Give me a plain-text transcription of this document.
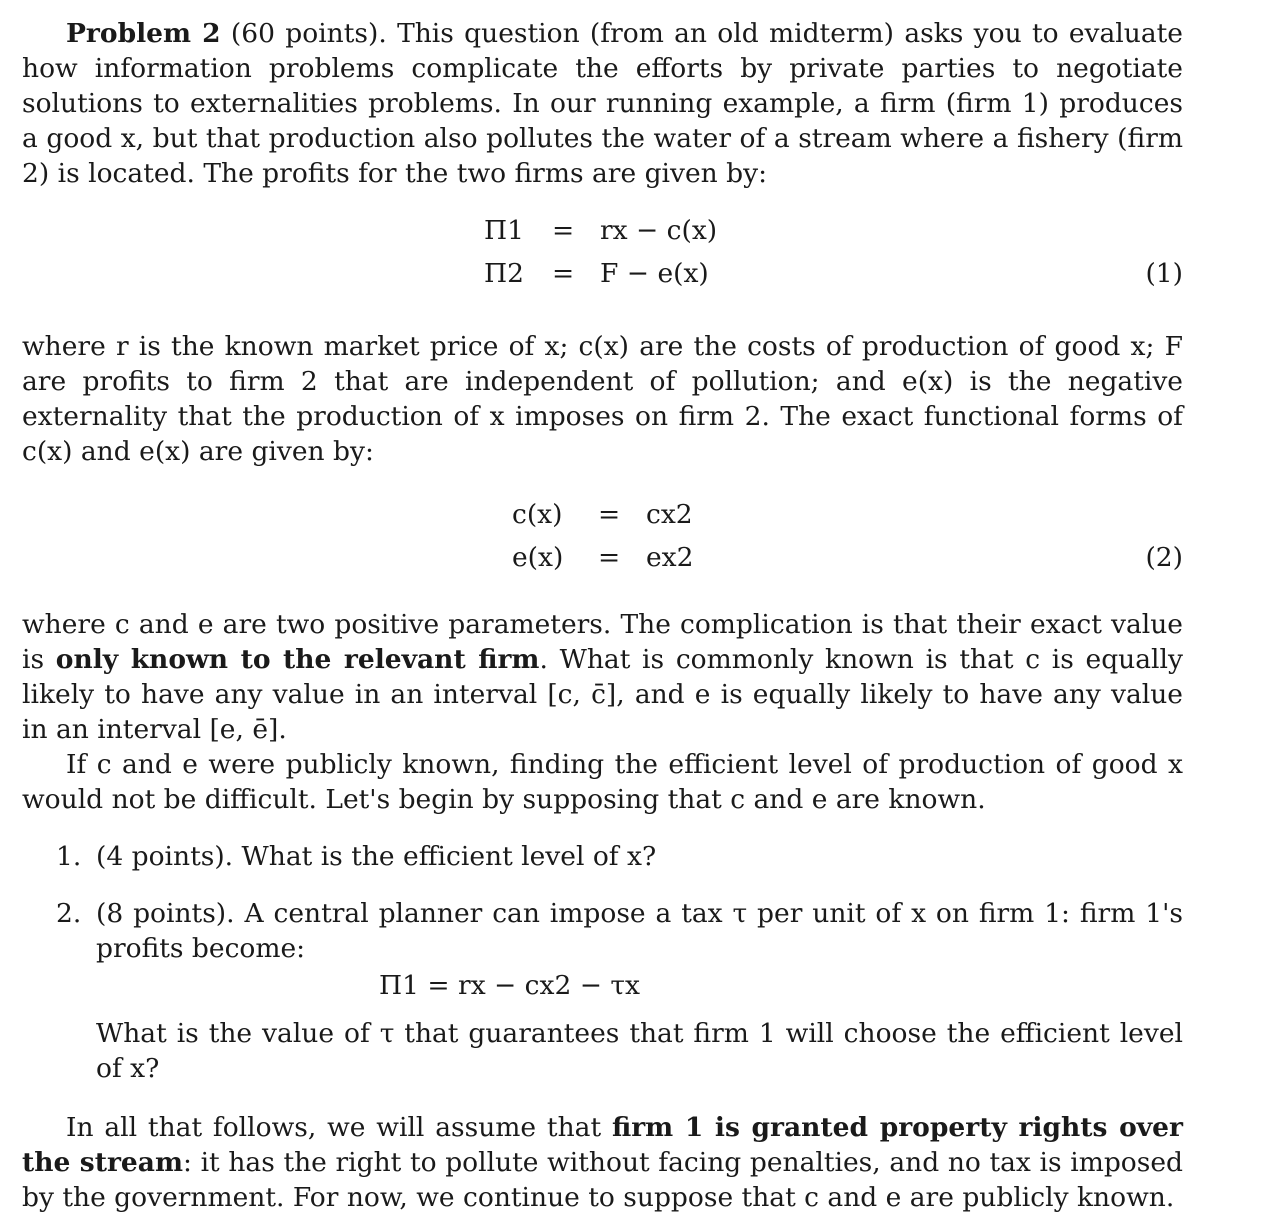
Problem 2 (60 points). This question (from an old midterm) asks you to evaluate how information problems complicate the efforts by private parties to negotiate solutions to externalities problems. In our running example, a firm (firm 1) produces a good x, but that production also pollutes the water of a stream where a fishery (firm 2) is located. The profits for the two firms are given by:

Π1 = rx − c(x)
Π2 = F − e(x)	(1)

where r is the known market price of x; c(x) are the costs of production of good x; F are profits to firm 2 that are independent of pollution; and e(x) is the negative externality that the production of x imposes on firm 2. The exact functional forms of c(x) and e(x) are given by:

c(x) = cx2
e(x) = ex2	(2)

where c and e are two positive parameters. The complication is that their exact value is only known to the relevant firm. What is commonly known is that c is equally likely to have any value in an interval [c, c̄], and e is equally likely to have any value in an interval [e, ē].

If c and e were publicly known, finding the efficient level of production of good x would not be difficult. Let's begin by supposing that c and e are known.

1. (4 points). What is the efficient level of x?

2. (8 points). A central planner can impose a tax τ per unit of x on firm 1: firm 1's profits become:

Π1 = rx − cx2 − τx

What is the value of τ that guarantees that firm 1 will choose the efficient level of x?

In all that follows, we will assume that firm 1 is granted property rights over the stream: it has the right to pollute without facing penalties, and no tax is imposed by the government. For now, we continue to suppose that c and e are publicly known.
